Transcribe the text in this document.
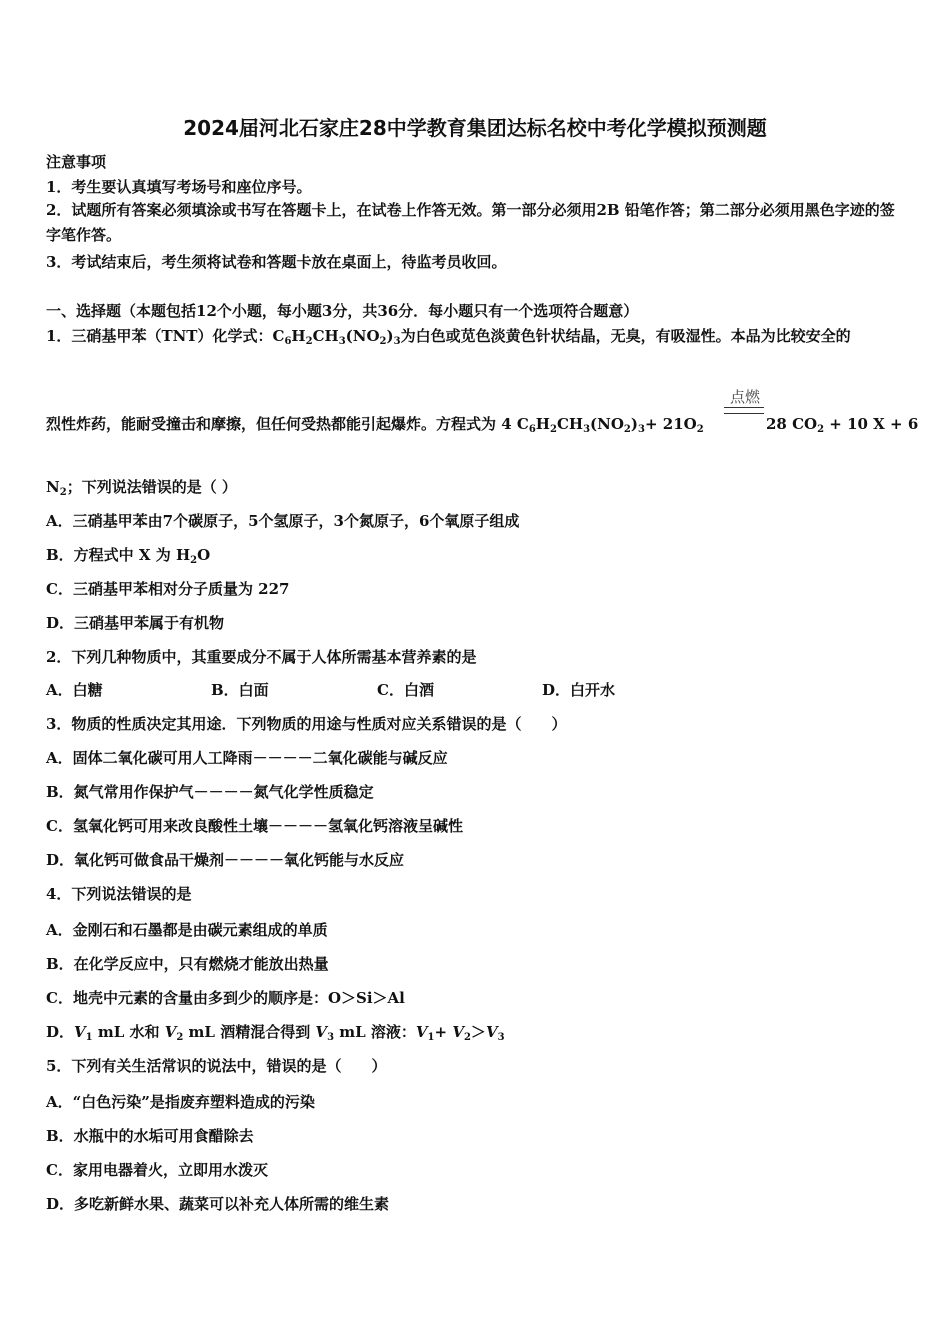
2024届河北石家庄28中学教育集团达标名校中考化学模拟预测题
注意事项
1．考生要认真填写考场号和座位序号。
2．试题所有答案必须填涂或书写在答题卡上，在试卷上作答无效。第一部分必须用2B 铅笔作答；第二部分必须用黑色字迹的签字笔作答。
3．考试结束后，考生须将试卷和答题卡放在桌面上，待监考员收回。
一、选择题（本题包括12个小题，每小题3分，共36分．每小题只有一个选项符合题意）
1．三硝基甲苯（TNT）化学式：$C_6H_2CH_3(NO_2)_3$为白色或苋色淡黄色针状结晶，无臭，有吸湿性。本品为比较安全的
点燃
烈性炸药，能耐受撞击和摩擦，但任何受热都能引起爆炸。方程式为 4 $C_6H_2CH_3(NO_2)_3+ 21O_2$	28 $CO_2 + 10$ X + 6
$N_2$；下列说法错误的是（ ）
A．三硝基甲苯由7个碳原子，5个氢原子，3个氮原子，6个氧原子组成
B．方程式中 X 为 $H_2O$
C．三硝基甲苯相对分子质量为 227
D．三硝基甲苯属于有机物
2．下列几种物质中，其重要成分不属于人体所需基本营养素的是
A．白糖	B．白面	C．白酒	D．白开水
3．物质的性质决定其用途．下列物质的用途与性质对应关系错误的是（　　）
A．固体二氧化碳可用人工降雨－－－－二氧化碳能与碱反应
B．氮气常用作保护气－－－－氮气化学性质稳定
C．氢氧化钙可用来改良酸性土壤－－－－氢氧化钙溶液呈碱性
D．氧化钙可做食品干燥剂－－－－氧化钙能与水反应
4．下列说法错误的是
A．金刚石和石墨都是由碳元素组成的单质
B．在化学反应中，只有燃烧才能放出热量
C．地壳中元素的含量由多到少的顺序是：O＞Si＞Al
D．$V_1$ mL 水和 $V_2$ mL 酒精混合得到 $V_3$ mL 溶液：$V_1+ V_2>V_3$
5．下列有关生活常识的说法中，错误的是（　　）
A．“白色污染”是指废弃塑料造成的污染
B．水瓶中的水垢可用食醋除去
C．家用电器着火，立即用水泼灭
D．多吃新鲜水果、蔬菜可以补充人体所需的维生素
